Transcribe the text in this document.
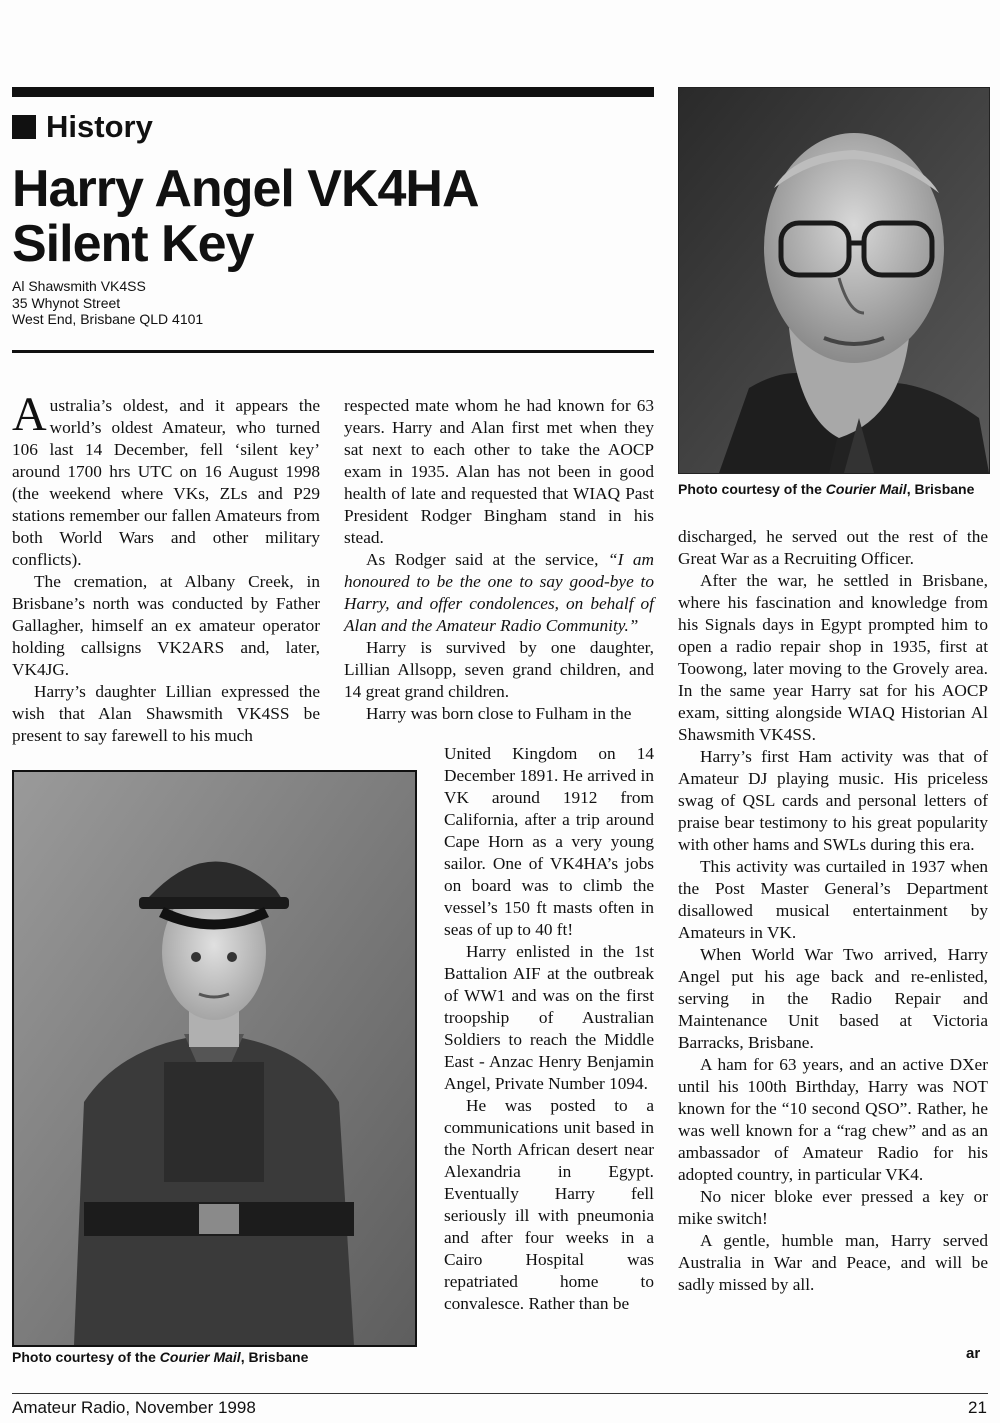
History
Harry Angel VK4HA
Silent Key
Al Shawsmith VK4SS
35 Whynot Street
West End, Brisbane QLD 4101
Photo courtesy of the Courier Mail, Brisbane

Australia’s oldest, and it appears the world’s oldest Amateur, who turned 106 last 14 December, fell ‘silent key’ around 1700 hrs UTC on 16 August 1998 (the weekend where VKs, ZLs and P29 stations remember our fallen Amateurs from both World Wars and other military conflicts).

The cremation, at Albany Creek, in Brisbane’s north was conducted by Father Gallagher, himself an ex amateur operator holding callsigns VK2ARS and, later, VK4JG.

Harry’s daughter Lillian expressed the wish that Alan Shawsmith VK4SS be present to say farewell to his much

respected mate whom he had known for 63 years. Harry and Alan first met when they sat next to each other to take the AOCP exam in 1935. Alan has not been in good health of late and requested that WIAQ Past President Rodger Bingham stand in his stead.

As Rodger said at the service, “I am honoured to be the one to say good-bye to Harry, and offer condolences, on behalf of Alan and the Amateur Radio Community.”

Harry is survived by one daughter, Lillian Allsopp, seven grand children, and 14 great grand children.

Harry was born close to Fulham in the

United Kingdom on 14 December 1891. He arrived in VK around 1912 from California, after a trip around Cape Horn as a very young sailor. One of VK4HA’s jobs on board was to climb the vessel’s 150 ft masts often in seas of up to 40 ft!

Harry enlisted in the 1st Battalion AIF at the outbreak of WW1 and was on the first troopship of Australian Soldiers to reach the Middle East - Anzac Henry Benjamin Angel, Private Number 1094.

He was posted to a communications unit based in the North African desert near Alexandria in Egypt. Eventually Harry fell seriously ill with pneumonia and after four weeks in a Cairo Hospital was repatriated home to convalesce. Rather than be

Photo courtesy of the Courier Mail, Brisbane

discharged, he served out the rest of the Great War as a Recruiting Officer.

After the war, he settled in Brisbane, where his fascination and knowledge from his Signals days in Egypt prompted him to open a radio repair shop in 1935, first at Toowong, later moving to the Grovely area. In the same year Harry sat for his AOCP exam, sitting alongside WIAQ Historian Al Shawsmith VK4SS.

Harry’s first Ham activity was that of Amateur DJ playing music. His priceless swag of QSL cards and personal letters of praise bear testimony to his great popularity with other hams and SWLs during this era.

This activity was curtailed in 1937 when the Post Master General’s Department disallowed musical entertainment by Amateurs in VK.

When World War Two arrived, Harry Angel put his age back and re-enlisted, serving in the Radio Repair and Maintenance Unit based at Victoria Barracks, Brisbane.

A ham for 63 years, and an active DXer until his 100th Birthday, Harry was NOT known for the “10 second QSO”. Rather, he was well known for a “rag chew” and as an ambassador of Amateur Radio for his adopted country, in particular VK4.

No nicer bloke ever pressed a key or mike switch!

A gentle, humble man, Harry served Australia in War and Peace, and will be sadly missed by all.

ar
Amateur Radio, November 1998	21
